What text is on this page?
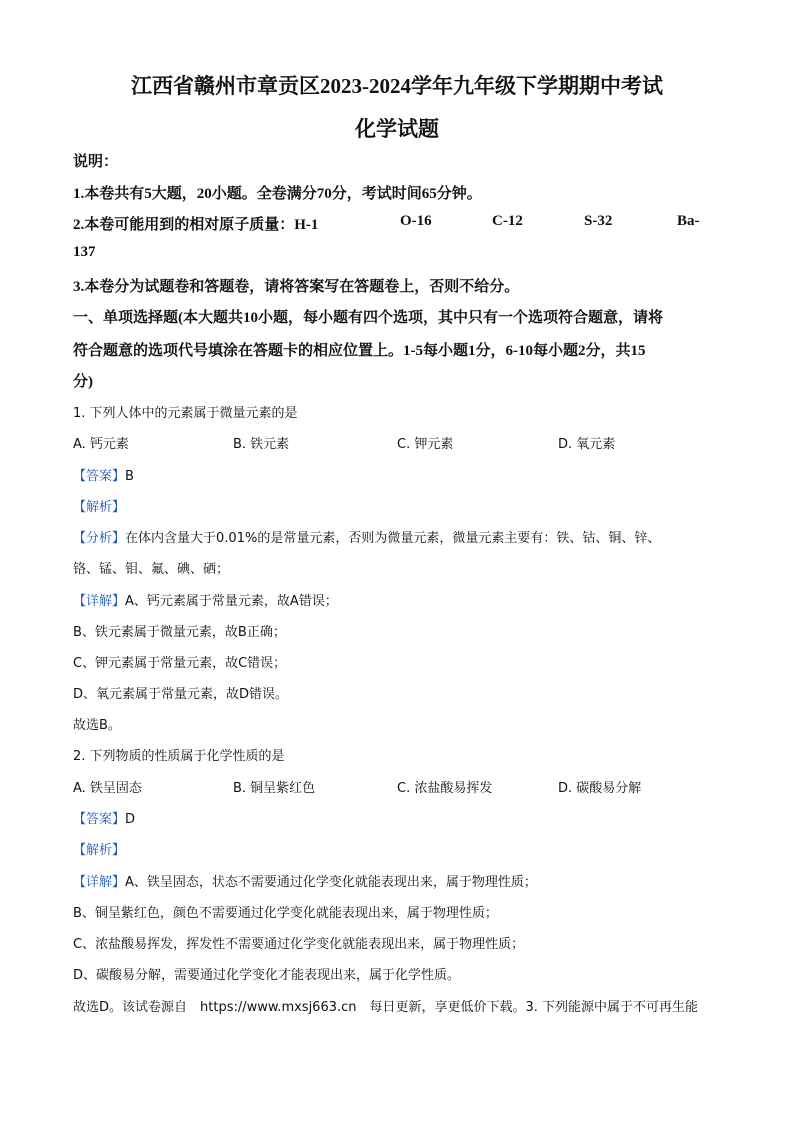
江西省赣州市章贡区2023-2024学年九年级下学期期中考试
化学试题
说明：
1.本卷共有5大题，20小题。全卷满分70分，考试时间65分钟。
2.本卷可能用到的相对原子质量：H-1	O-16	C-12	S-32	Ba-
137
3.本卷分为试题卷和答题卷，请将答案写在答题卷上，否则不给分。
一、单项选择题(本大题共10小题，每小题有四个选项，其中只有一个选项符合题意，请将
符合题意的选项代号填涂在答题卡的相应位置上。1-5每小题1分，6-10每小题2分，共15
分)
1. 下列人体中的元素属于微量元素的是
A. 钙元素	B. 铁元素	C. 钾元素	D. 氧元素
【答案】B
【解析】
【分析】在体内含量大于0.01%的是常量元素，否则为微量元素，微量元素主要有：铁、钴、铜、锌、
铬、锰、钼、氟、碘、硒；
【详解】A、钙元素属于常量元素，故A错误；
B、铁元素属于微量元素，故B正确；
C、钾元素属于常量元素，故C错误；
D、氧元素属于常量元素，故D错误。
故选B。
2. 下列物质的性质属于化学性质的是
A. 铁呈固态	B. 铜呈紫红色	C. 浓盐酸易挥发	D. 碳酸易分解
【答案】D
【解析】
【详解】A、铁呈固态，状态不需要通过化学变化就能表现出来，属于物理性质；
B、铜呈紫红色，颜色不需要通过化学变化就能表现出来，属于物理性质；
C、浓盐酸易挥发，挥发性不需要通过化学变化就能表现出来，属于物理性质；
D、碳酸易分解，需要通过化学变化才能表现出来，属于化学性质。
故选D。该试卷源自　https://www.mxsj663.cn　每日更新，享更低价下载。3. 下列能源中属于不可再生能
